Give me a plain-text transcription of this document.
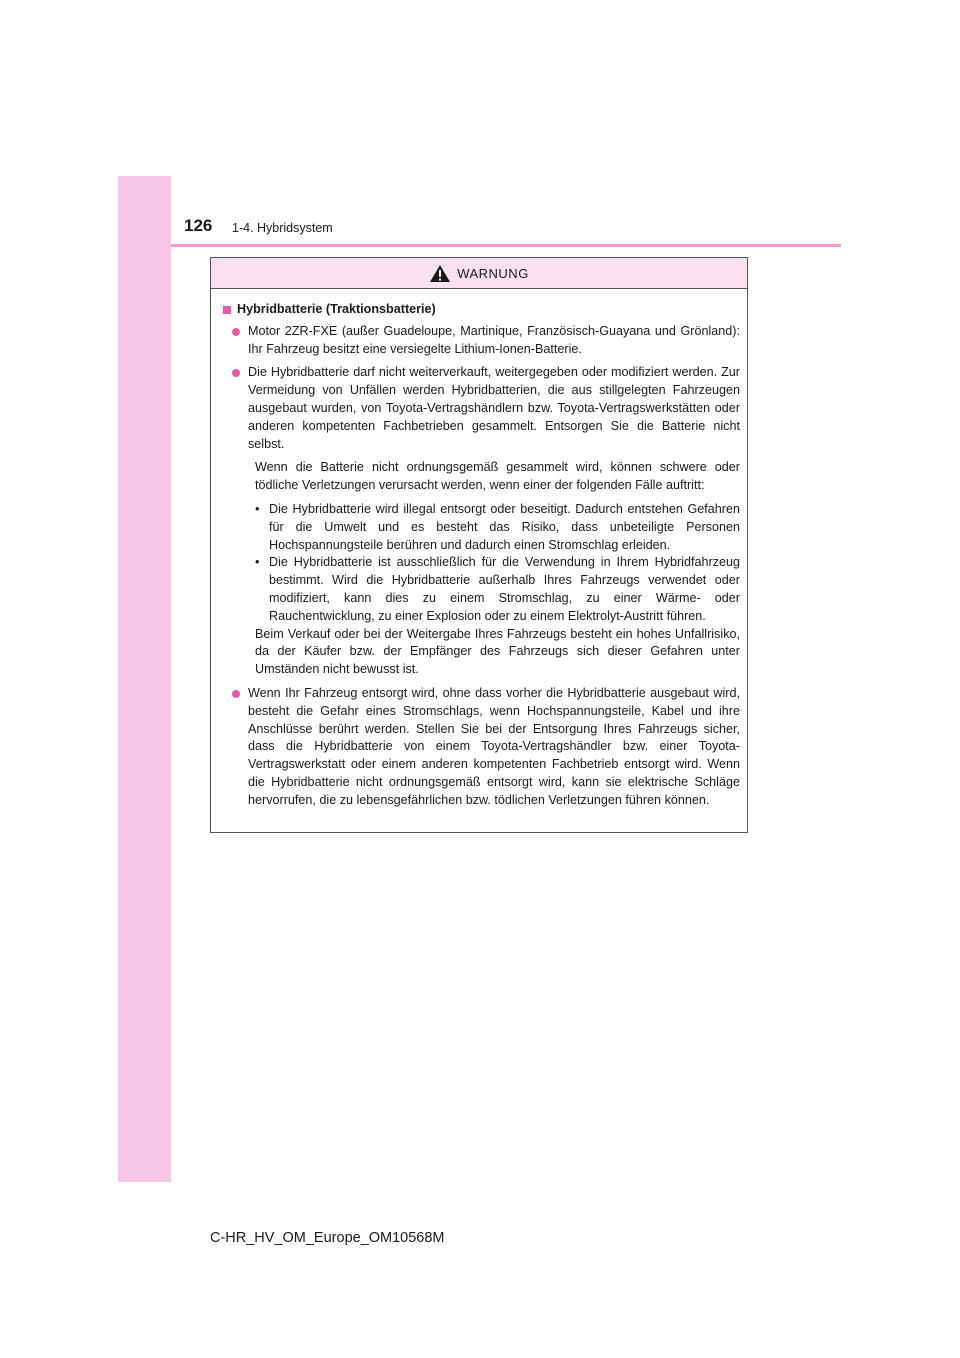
126 1-4. Hybridsystem
WARNUNG
Hybridbatterie (Traktionsbatterie)
Motor 2ZR-FXE (außer Guadeloupe, Martinique, Französisch-Guayana und Grönland): Ihr Fahrzeug besitzt eine versiegelte Lithium-Ionen-Batterie.
Die Hybridbatterie darf nicht weiterverkauft, weitergegeben oder modifiziert werden. Zur Vermeidung von Unfällen werden Hybridbatterien, die aus stillgelegten Fahrzeugen ausgebaut wurden, von Toyota-Vertragshändlern bzw. Toyota-Vertragswerkstätten oder anderen kompetenten Fachbetrieben gesammelt. Entsorgen Sie die Batterie nicht selbst.
Wenn die Batterie nicht ordnungsgemäß gesammelt wird, können schwere oder tödliche Verletzungen verursacht werden, wenn einer der folgenden Fälle auftritt:
• Die Hybridbatterie wird illegal entsorgt oder beseitigt. Dadurch entstehen Gefahren für die Umwelt und es besteht das Risiko, dass unbeteiligte Personen Hochspannungsteile berühren und dadurch einen Stromschlag erleiden.
• Die Hybridbatterie ist ausschließlich für die Verwendung in Ihrem Hybridfahrzeug bestimmt. Wird die Hybridbatterie außerhalb Ihres Fahrzeugs verwendet oder modifiziert, kann dies zu einem Stromschlag, zu einer Wärme- oder Rauchentwicklung, zu einer Explosion oder zu einem Elektrolyt-Austritt führen.
Beim Verkauf oder bei der Weitergabe Ihres Fahrzeugs besteht ein hohes Unfallrisiko, da der Käufer bzw. der Empfänger des Fahrzeugs sich dieser Gefahren unter Umständen nicht bewusst ist.
Wenn Ihr Fahrzeug entsorgt wird, ohne dass vorher die Hybridbatterie ausgebaut wird, besteht die Gefahr eines Stromschlags, wenn Hochspannungsteile, Kabel und ihre Anschlüsse berührt werden. Stellen Sie bei der Entsorgung Ihres Fahrzeugs sicher, dass die Hybridbatterie von einem Toyota-Vertragshändler bzw. einer Toyota-Vertragswerkstatt oder einem anderen kompetenten Fachbetrieb entsorgt wird. Wenn die Hybridbatterie nicht ordnungsgemäß entsorgt wird, kann sie elektrische Schläge hervorrufen, die zu lebensgefährlichen bzw. tödlichen Verletzungen führen können.
C-HR_HV_OM_Europe_OM10568M
